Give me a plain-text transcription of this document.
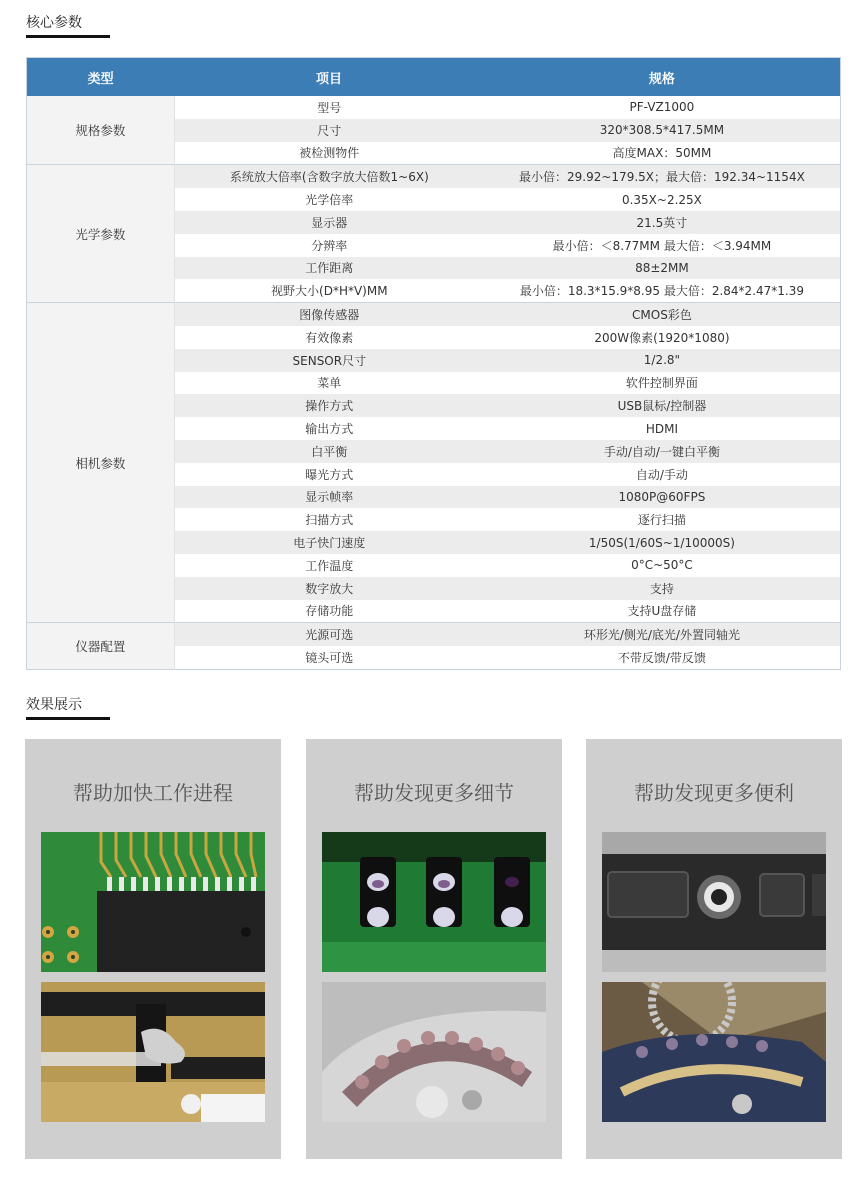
核心参数
类型	项目	规格
规格参数	型号	PF-VZ1000
	尺寸	320*308.5*417.5MM
	被检测物件	高度MAX：50MM
光学参数	系统放大倍率(含数字放大倍数1~6X)	最小倍：29.92~179.5X；最大倍：192.34~1154X
	光学倍率	0.35X~2.25X
	显示器	21.5英寸
	分辨率	最小倍：＜8.77MM 最大倍：＜3.94MM
	工作距离	88±2MM
	视野大小(D*H*V)MM	最小倍：18.3*15.9*8.95 最大倍：2.84*2.47*1.39
相机参数	图像传感器	CMOS彩色
	有效像素	200W像素(1920*1080)
	SENSOR尺寸	1/2.8"
	菜单	软件控制界面
	操作方式	USB鼠标/控制器
	输出方式	HDMI
	白平衡	手动/自动/一键白平衡
	曝光方式	自动/手动
	显示帧率	1080P@60FPS
	扫描方式	逐行扫描
	电子快门速度	1/50S(1/60S~1/10000S)
	工作温度	0°C~50°C
	数字放大	支持
	存储功能	支持U盘存储
仪器配置	光源可选	环形光/侧光/底光/外置同轴光
	镜头可选	不带反馈/带反馈
效果展示
帮助加快工作进程	帮助发现更多细节	帮助发现更多便利
